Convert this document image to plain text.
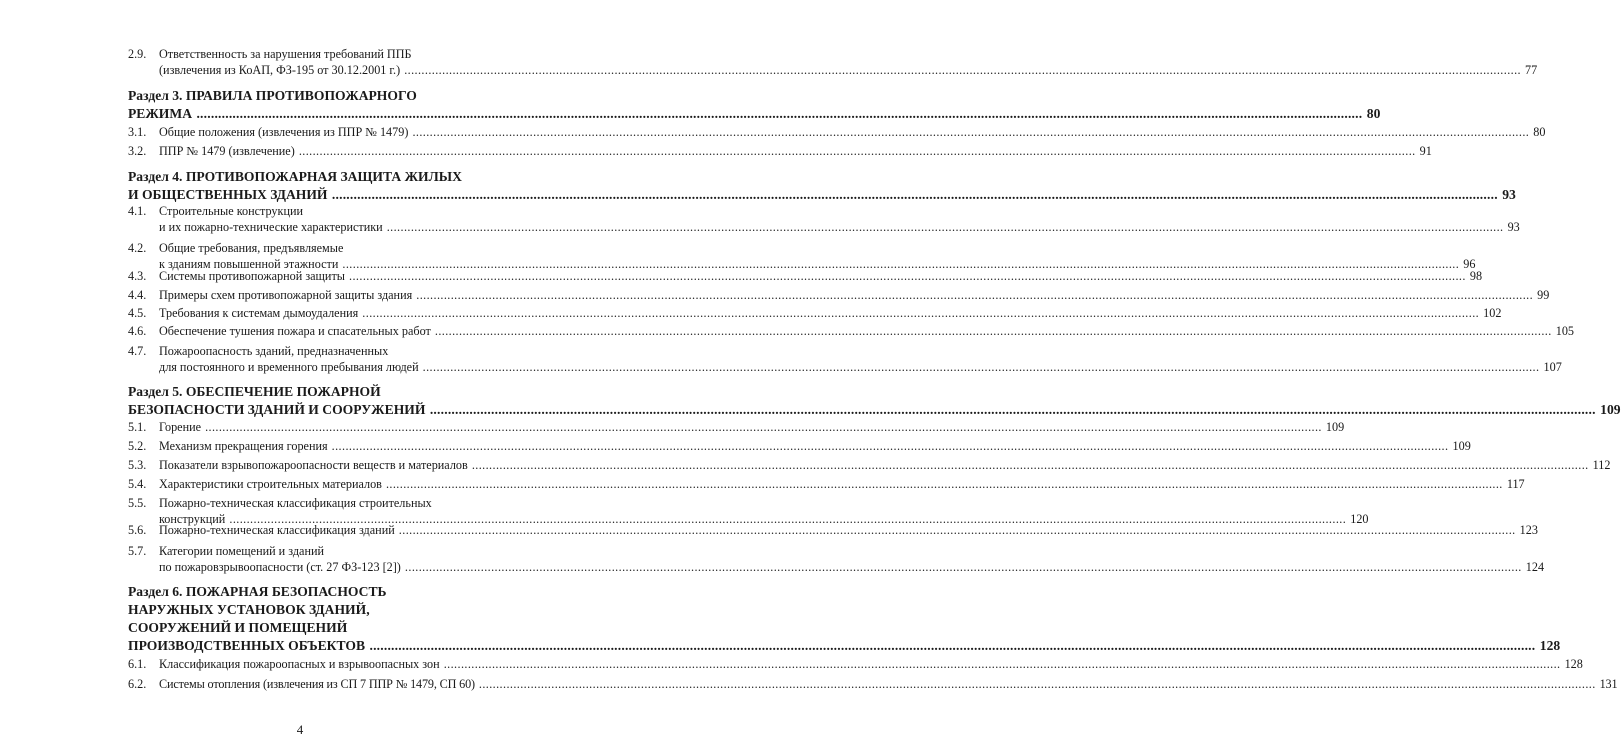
2.9. Ответственность за нарушения требований ППБ
(извлечения из КоАП, ФЗ-195 от 30.12.2001 г.) .....	77
Раздел 3. ПРАВИЛА ПРОТИВОПОЖАРНОГО
РЕЖИМА .....	80
3.1. Общие положения (извлечения из ППР № 1479) .....	80
3.2. ППР № 1479 (извлечение) .....	91
Раздел 4. ПРОТИВОПОЖАРНАЯ ЗАЩИТА ЖИЛЫХ
И ОБЩЕСТВЕННЫХ ЗДАНИЙ .....	93
4.1. Строительные конструкции
и их пожарно-технические характеристики .....	93
4.2. Общие требования, предъявляемые
к зданиям повышенной этажности .....	96
4.3. Системы противопожарной защиты .....	98
4.4. Примеры схем противопожарной защиты здания .....	99
4.5. Требования к системам дымоудаления .....	102
4.6. Обеспечение тушения пожара и спасательных работ .....	105
4.7. Пожароопасность зданий, предназначенных
для постоянного и временного пребывания людей .....	107
Раздел 5. ОБЕСПЕЧЕНИЕ ПОЖАРНОЙ
БЕЗОПАСНОСТИ ЗДАНИЙ И СООРУЖЕНИЙ .....	109
5.1. Горение .....	109
5.2. Механизм прекращения горения .....	109
5.3. Показатели взрывопожароопасности веществ и материалов .....	112
5.4. Характеристики строительных материалов .....	117
5.5. Пожарно-техническая классификация строительных
конструкций .....	120
5.6. Пожарно-техническая классификация зданий .....	123
5.7. Категории помещений и зданий
по пожаровзрывоопасности (ст. 27 ФЗ-123 [2]) .....	124
Раздел 6. ПОЖАРНАЯ БЕЗОПАСНОСТЬ
НАРУЖНЫХ УСТАНОВОК ЗДАНИЙ,
СООРУЖЕНИЙ И ПОМЕЩЕНИЙ
ПРОИЗВОДСТВЕННЫХ ОБЪЕКТОВ .....	128
6.1. Классификация пожароопасных и взрывоопасных зон .....	128
6.2. Системы отопления (извлечения из СП 7 ППР № 1479, СП 60) .....	131
4
